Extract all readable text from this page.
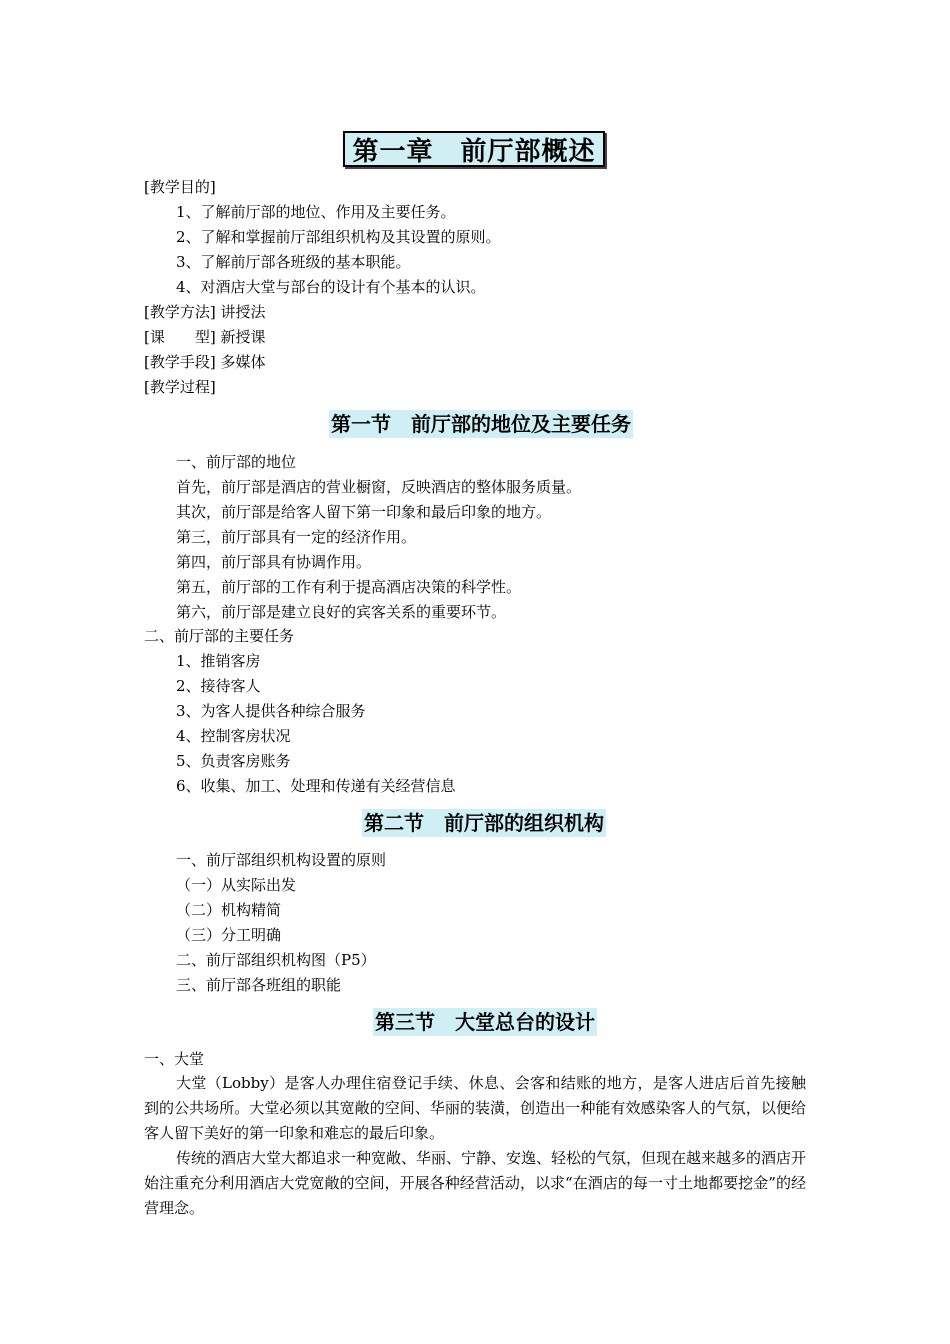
第一章　前厅部概述
[教学目的]
1、了解前厅部的地位、作用及主要任务。
2、了解和掌握前厅部组织机构及其设置的原则。
3、了解前厅部各班级的基本职能。
4、对酒店大堂与部台的设计有个基本的认识。
[教学方法] 讲授法
[课　　型] 新授课
[教学手段] 多媒体
[教学过程]
第一节　前厅部的地位及主要任务
一、前厅部的地位
首先，前厅部是酒店的营业橱窗，反映酒店的整体服务质量。
其次，前厅部是给客人留下第一印象和最后印象的地方。
第三，前厅部具有一定的经济作用。
第四，前厅部具有协调作用。
第五，前厅部的工作有利于提高酒店决策的科学性。
第六，前厅部是建立良好的宾客关系的重要环节。
二、前厅部的主要任务
1、推销客房
2、接待客人
3、为客人提供各种综合服务
4、控制客房状况
5、负责客房账务
6、收集、加工、处理和传递有关经营信息
第二节　前厅部的组织机构
一、前厅部组织机构设置的原则
（一）从实际出发
（二）机构精简
（三）分工明确
二、前厅部组织机构图（P5）
三、前厅部各班组的职能
第三节　大堂总台的设计
一、大堂
大堂（Lobby）是客人办理住宿登记手续、休息、会客和结账的地方，是客人进店后首先接触到的公共场所。大堂必须以其宽敞的空间、华丽的装潢，创造出一种能有效感染客人的气氛，以便给客人留下美好的第一印象和难忘的最后印象。
传统的酒店大堂大都追求一种宽敞、华丽、宁静、安逸、轻松的气氛，但现在越来越多的酒店开始注重充分利用酒店大党宽敞的空间，开展各种经营活动，以求“在酒店的每一寸土地都要挖金”的经营理念。
